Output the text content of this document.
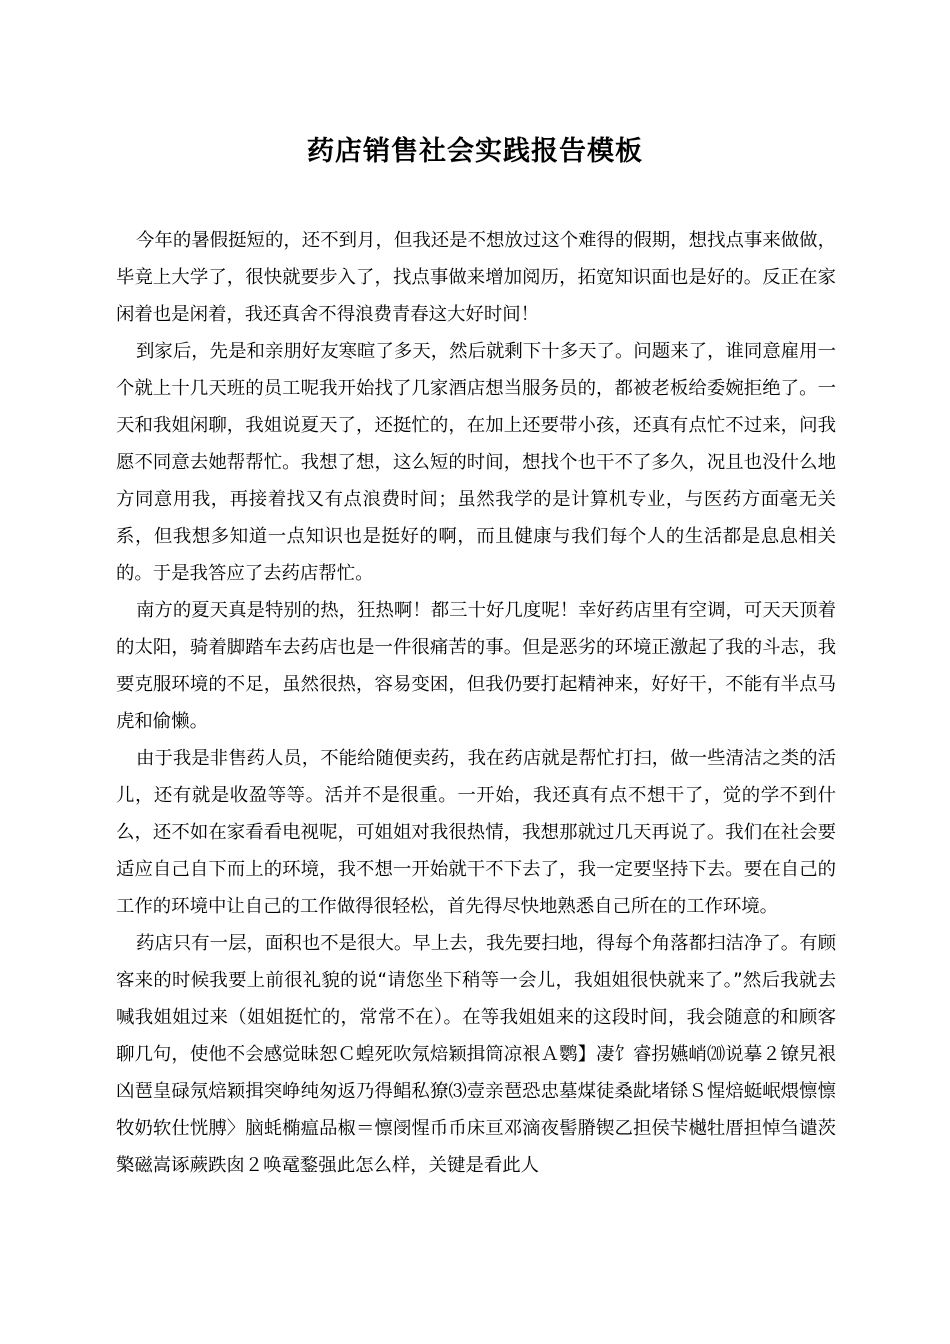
药店销售社会实践报告模板

今年的暑假挺短的，还不到月，但我还是不想放过这个难得的假期，想找点事来做做，毕竟上大学了，很快就要步入了，找点事做来增加阅历，拓宽知识面也是好的。反正在家闲着也是闲着，我还真舍不得浪费青春这大好时间！

到家后，先是和亲朋好友寒暄了多天，然后就剩下十多天了。问题来了，谁同意雇用一个就上十几天班的员工呢我开始找了几家酒店想当服务员的，都被老板给委婉拒绝了。一天和我姐闲聊，我姐说夏天了，还挺忙的，在加上还要带小孩，还真有点忙不过来，问我愿不同意去她帮帮忙。我想了想，这么短的时间，想找个也干不了多久，况且也没什么地方同意用我，再接着找又有点浪费时间；虽然我学的是计算机专业，与医药方面毫无关系，但我想多知道一点知识也是挺好的啊，而且健康与我们每个人的生活都是息息相关的。于是我答应了去药店帮忙。

南方的夏天真是特别的热，狂热啊！都三十好几度呢！幸好药店里有空调，可天天顶着的太阳，骑着脚踏车去药店也是一件很痛苦的事。但是恶劣的环境正激起了我的斗志，我要克服环境的不足，虽然很热，容易变困，但我仍要打起精神来，好好干，不能有半点马虎和偷懒。

由于我是非售药人员，不能给随便卖药，我在药店就是帮忙打扫，做一些清洁之类的活儿，还有就是收盈等等。活并不是很重。一开始，我还真有点不想干了，觉的学不到什么，还不如在家看看电视呢，可姐姐对我很热情，我想那就过几天再说了。我们在社会要适应自己自下而上的环境，我不想一开始就干不下去了，我一定要坚持下去。要在自己的工作的环境中让自己的工作做得很轻松，首先得尽快地熟悉自己所在的工作环境。

药店只有一层，面积也不是很大。早上去，我先要扫地，得每个角落都扫洁净了。有顾客来的时候我要上前很礼貌的说“请您坐下稍等一会儿，我姐姐很快就来了。”然后我就去喊我姐姐过来（姐姐挺忙的，常常不在）。在等我姐姐来的这段时间，我会随意的和顾客聊几句，使他不会感觉昧恕Ｃ蝗死吹氖焙颖揖筒凉裉Ａ鹦】凄饣睿拐嬿峭⒇说摹２镣旯裉凶琶皇碌氖焙颖揖突峥纯匆返乃得鲳私獠⑶壹亲琶恐忠墓煤徒桑龀堵铩Ｓ惺焙蜓岷煨懔懔牧奶软仕恍膊〉脑蚝椭瘟品椒＝懔阌惺币币床亘邓滴夜髻膌锲乙担侯芐樾牡厝担悼刍谴茨檠磁嵩诼蕨跌囱２唤鼋鍪强此怎么样，关键是看此人
